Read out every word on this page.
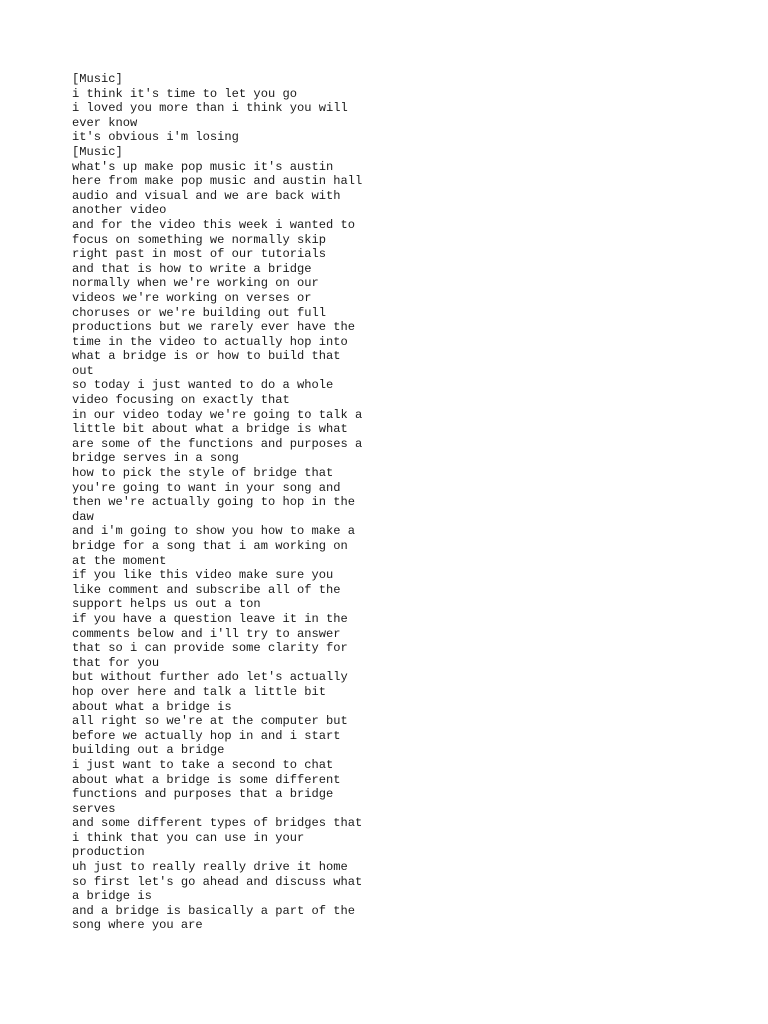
[Music]
i think it's time to let you go
i loved you more than i think you will
ever know
it's obvious i'm losing
[Music]
what's up make pop music it's austin
here from make pop music and austin hall
audio and visual and we are back with
another video
and for the video this week i wanted to
focus on something we normally skip
right past in most of our tutorials
and that is how to write a bridge
normally when we're working on our
videos we're working on verses or
choruses or we're building out full
productions but we rarely ever have the
time in the video to actually hop into
what a bridge is or how to build that
out
so today i just wanted to do a whole
video focusing on exactly that
in our video today we're going to talk a
little bit about what a bridge is what
are some of the functions and purposes a
bridge serves in a song
how to pick the style of bridge that
you're going to want in your song and
then we're actually going to hop in the
daw
and i'm going to show you how to make a
bridge for a song that i am working on
at the moment
if you like this video make sure you
like comment and subscribe all of the
support helps us out a ton
if you have a question leave it in the
comments below and i'll try to answer
that so i can provide some clarity for
that for you
but without further ado let's actually
hop over here and talk a little bit
about what a bridge is
all right so we're at the computer but
before we actually hop in and i start
building out a bridge
i just want to take a second to chat
about what a bridge is some different
functions and purposes that a bridge
serves
and some different types of bridges that
i think that you can use in your
production
uh just to really really drive it home
so first let's go ahead and discuss what
a bridge is
and a bridge is basically a part of the
song where you are
